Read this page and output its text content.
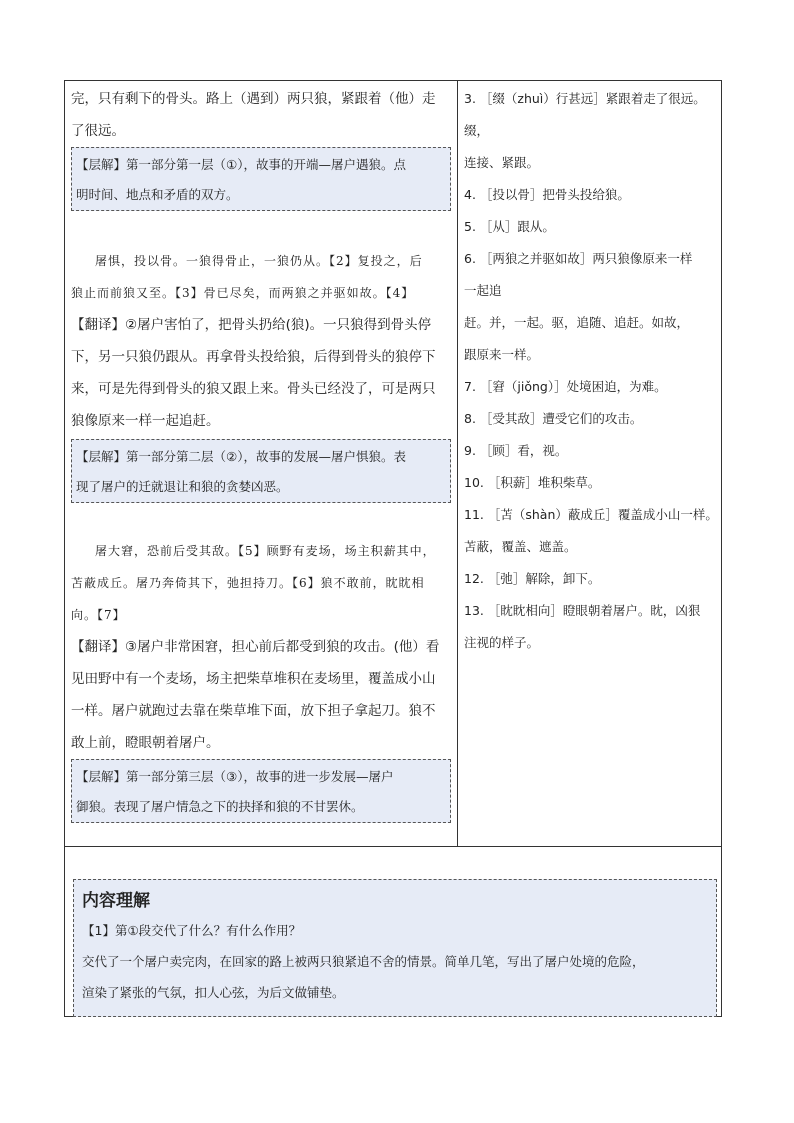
完，只有剩下的骨头。路上（遇到）两只狼，紧跟着（他）走
了很远。
【层解】第一部分第一层（①），故事的开端—屠户遇狼。点
明时间、地点和矛盾的双方。
屠惧，投以骨。一狼得骨止，一狼仍从。【2】复投之，后
狼止而前狼又至。【3】骨已尽矣，而两狼之并驱如故。【4】
【翻译】②屠户害怕了，把骨头扔给(狼)。一只狼得到骨头停
下，另一只狼仍跟从。再拿骨头投给狼，后得到骨头的狼停下
来，可是先得到骨头的狼又跟上来。骨头已经没了，可是两只
狼像原来一样一起追赶。
【层解】第一部分第二层（②），故事的发展—屠户惧狼。表
现了屠户的迁就退让和狼的贪婪凶恶。
屠大窘，恐前后受其敌。【5】顾野有麦场，场主积薪其中，
苫蔽成丘。屠乃奔倚其下，弛担持刀。【6】狼不敢前，眈眈相
向。【7】
【翻译】③屠户非常困窘，担心前后都受到狼的攻击。(他）看
见田野中有一个麦场，场主把柴草堆积在麦场里，覆盖成小山
一样。屠户就跑过去靠在柴草堆下面，放下担子拿起刀。狼不
敢上前，瞪眼朝着屠户。
【层解】第一部分第三层（③），故事的进一步发展—屠户
御狼。表现了屠户情急之下的抉择和狼的不甘罢休。
3. ［缀（zhuì）行甚远］紧跟着走了很远。
缀，
连接、紧跟。
4. ［投以骨］把骨头投给狼。
5. ［从］跟从。
6. ［两狼之并驱如故］两只狼像原来一样
一起追
赶。并，一起。驱，追随、追赶。如故，
跟原来一样。
7. ［窘（jiǒng）］处境困迫，为难。
8. ［受其敌］遭受它们的攻击。
9. ［顾］看，视。
10. ［积薪］堆积柴草。
11. ［苫（shàn）蔽成丘］覆盖成小山一样。
苫蔽，覆盖、遮盖。
12. ［弛］解除，卸下。
13. ［眈眈相向］瞪眼朝着屠户。眈，凶狠
注视的样子。
内容理解
【1】第①段交代了什么？有什么作用？
交代了一个屠户卖完肉，在回家的路上被两只狼紧追不舍的情景。简单几笔，写出了屠户处境的危险，
渲染了紧张的气氛，扣人心弦，为后文做铺垫。
